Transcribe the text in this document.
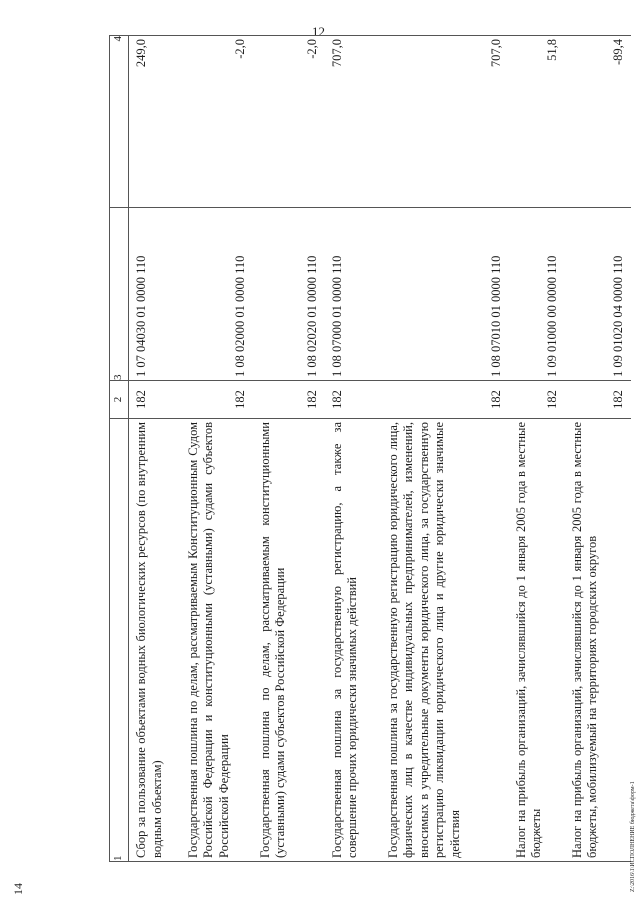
12
1	2	3	4
Сбор за пользование объектами водных биологических ресурсов (по внутренним водным объектам)	182	1 07 04030 01 0000 110	249,0
Государственная пошлина по делам, рассматриваемым Конституционным Судом Российской Федерации и конституционными (уставными) судами субъектов Российской Федерации	182	1 08 02000 01 0000 110	-2,0
Государственная пошлина по делам, рассматриваемым конституционными (уставными) судами субъектов Российской Федерации	182	1 08 02020 01 0000 110	-2,0
Государственная пошлина за государственную регистрацию, а также за совершение прочих юридически значимых действий	182	1 08 07000 01 0000 110	707,0
Государственная пошлина за государственную регистрацию юридического лица, физических лиц в качестве индивидуальных предпринимателей, изменений, вносимых в учредительные документы юридического лица, за государственную регистрацию ликвидации юридического лица и другие юридически значимые действия	182	1 08 07010 01 0000 110	707,0
Налог на прибыль организаций, зачислявшийся до 1 января 2005 года в местные бюджеты	182	1 09 01000 00 0000 110	51,8
Налог на прибыль организаций, зачислявшийся до 1 января 2005 года в местные бюджеты, мобилизуемый на территориях городских округов	182	1 09 01020 04 0000 110	-89,4
14	Z:\2016\1\ИСПОЛНЕНИЕ бюджета\форм-1
